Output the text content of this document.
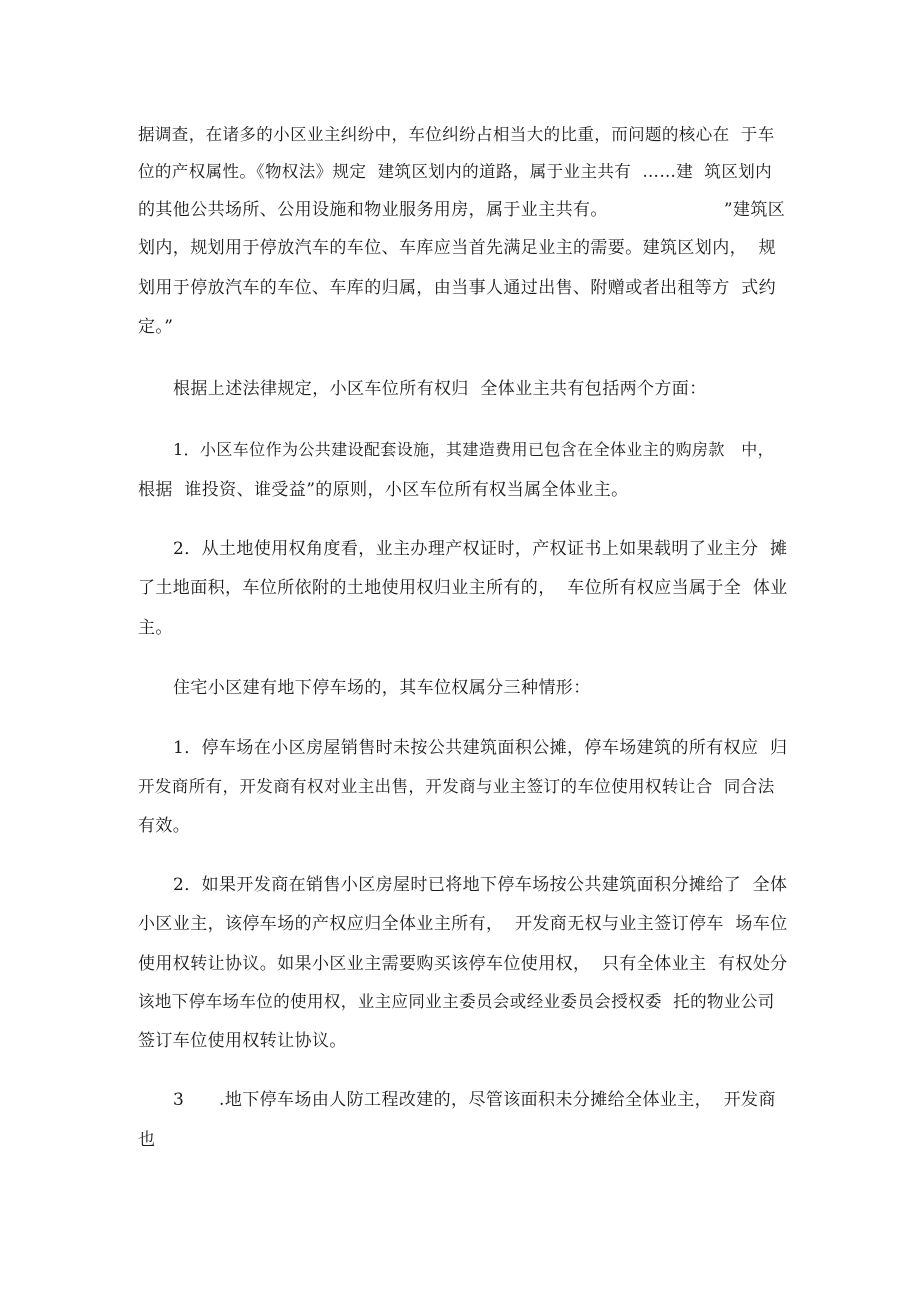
据调查，在诸多的小区业主纠纷中，车位纠纷占相当大的比重，而问题的核心在  于车
位的产权属性。《物权法》规定  建筑区划内的道路，属于业主共有  ……建  筑区划内
的其他公共场所、公用设施和物业服务用房，属于业主共有。                    ”建筑区
划内，规划用于停放汽车的车位、车库应当首先满足业主的需要。建筑区划内，  规
划用于停放汽车的车位、车库的归属，由当事人通过出售、附赠或者出租等方  式约
定。”
根据上述法律规定，小区车位所有权归  全体业主共有包括两个方面：
1．小区车位作为公共建设配套设施，其建造费用已包含在全体业主的购房款   中，
根据  谁投资、谁受益”的原则，小区车位所有权当属全体业主。
2．从土地使用权角度看，业主办理产权证时，产权证书上如果载明了业主分  摊
了土地面积，车位所依附的土地使用权归业主所有的，  车位所有权应当属于全  体业
主。
住宅小区建有地下停车场的，其车位权属分三种情形：
1．停车场在小区房屋销售时未按公共建筑面积公摊，停车场建筑的所有权应  归
开发商所有，开发商有权对业主出售，开发商与业主签订的车位使用权转让合  同合法
有效。
2．如果开发商在销售小区房屋时已将地下停车场按公共建筑面积分摊给了  全体
小区业主，该停车场的产权应归全体业主所有，  开发商无权与业主签订停车  场车位
使用权转让协议。如果小区业主需要购买该停车位使用权，  只有全体业主  有权处分
该地下停车场车位的使用权，业主应同业主委员会或经业委员会授权委  托的物业公司
签订车位使用权转让协议。
3      .地下停车场由人防工程改建的，尽管该面积未分摊给全体业主，  开发商
也
